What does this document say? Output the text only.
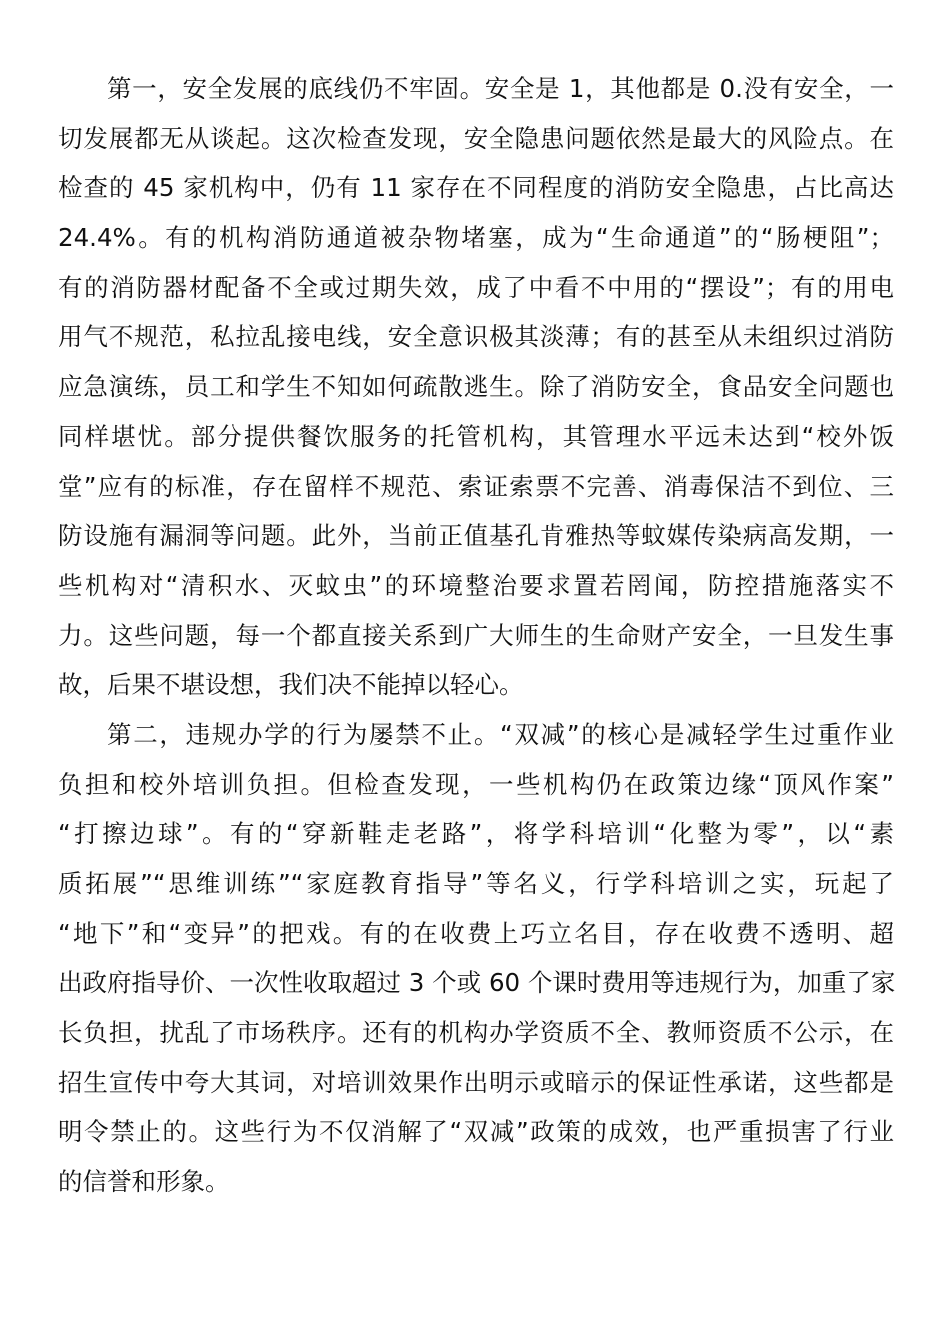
第一，安全发展的底线仍不牢固。安全是 1，其他都是 0.没有安全，一
切发展都无从谈起。这次检查发现，安全隐患问题依然是最大的风险点。在
检查的 45 家机构中，仍有 11 家存在不同程度的消防安全隐患，占比高达
24.4%。有的机构消防通道被杂物堵塞，成为“生命通道”的“肠梗阻”；
有的消防器材配备不全或过期失效，成了中看不中用的“摆设”；有的用电
用气不规范，私拉乱接电线，安全意识极其淡薄；有的甚至从未组织过消防
应急演练，员工和学生不知如何疏散逃生。除了消防安全，食品安全问题也
同样堪忧。部分提供餐饮服务的托管机构，其管理水平远未达到“校外饭
堂”应有的标准，存在留样不规范、索证索票不完善、消毒保洁不到位、三
防设施有漏洞等问题。此外，当前正值基孔肯雅热等蚊媒传染病高发期，一
些机构对“清积水、灭蚊虫”的环境整治要求置若罔闻，防控措施落实不
力。这些问题，每一个都直接关系到广大师生的生命财产安全，一旦发生事
故，后果不堪设想，我们决不能掉以轻心。
第二，违规办学的行为屡禁不止。“双减”的核心是减轻学生过重作业
负担和校外培训负担。但检查发现，一些机构仍在政策边缘“顶风作案”
“打擦边球”。有的“穿新鞋走老路”，将学科培训“化整为零”，以“素
质拓展”“思维训练”“家庭教育指导”等名义，行学科培训之实，玩起了
“地下”和“变异”的把戏。有的在收费上巧立名目，存在收费不透明、超
出政府指导价、一次性收取超过 3 个或 60 个课时费用等违规行为，加重了家
长负担，扰乱了市场秩序。还有的机构办学资质不全、教师资质不公示，在
招生宣传中夸大其词，对培训效果作出明示或暗示的保证性承诺，这些都是
明令禁止的。这些行为不仅消解了“双减”政策的成效，也严重损害了行业
的信誉和形象。
